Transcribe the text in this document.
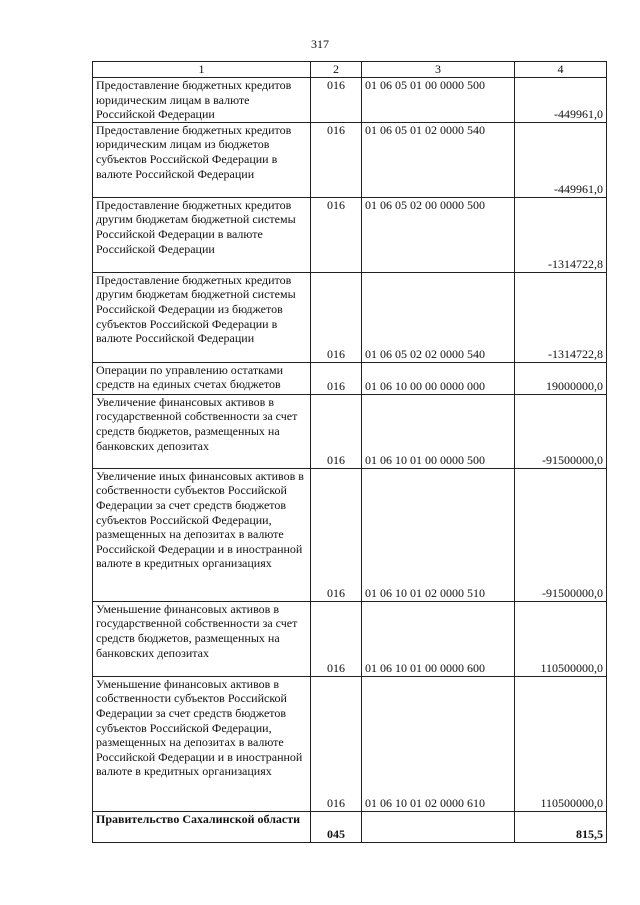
317
1	2	3	4
Предоставление бюджетных кредитов юридическим лицам в валюте Российской Федерации	016	01 06 05 01 00 0000 500	-449961,0
Предоставление бюджетных кредитов юридическим лицам из бюджетов субъектов Российской Федерации в валюте Российской Федерации	016	01 06 05 01 02 0000 540	-449961,0
Предоставление бюджетных кредитов другим бюджетам бюджетной системы Российской Федерации в валюте Российской Федерации	016	01 06 05 02 00 0000 500	-1314722,8
Предоставление бюджетных кредитов другим бюджетам бюджетной системы Российской Федерации из бюджетов субъектов Российской Федерации в валюте Российской Федерации	016	01 06 05 02 02 0000 540	-1314722,8
Операции по управлению остатками средств на единых счетах бюджетов	016	01 06 10 00 00 0000 000	19000000,0
Увеличение финансовых активов в государственной собственности за счет средств бюджетов, размещенных на банковских депозитах	016	01 06 10 01 00 0000 500	-91500000,0
Увеличение иных финансовых активов в собственности субъектов Российской Федерации за счет средств бюджетов субъектов Российской Федерации, размещенных на депозитах в валюте Российской Федерации и в иностранной валюте в кредитных организациях	016	01 06 10 01 02 0000 510	-91500000,0
Уменьшение финансовых активов в государственной собственности за счет средств бюджетов, размещенных на банковских депозитах	016	01 06 10 01 00 0000 600	110500000,0
Уменьшение финансовых активов в собственности субъектов Российской Федерации за счет средств бюджетов субъектов Российской Федерации, размещенных на депозитах в валюте Российской Федерации и в иностранной валюте в кредитных организациях	016	01 06 10 01 02 0000 610	110500000,0
Правительство Сахалинской области	045		815,5
